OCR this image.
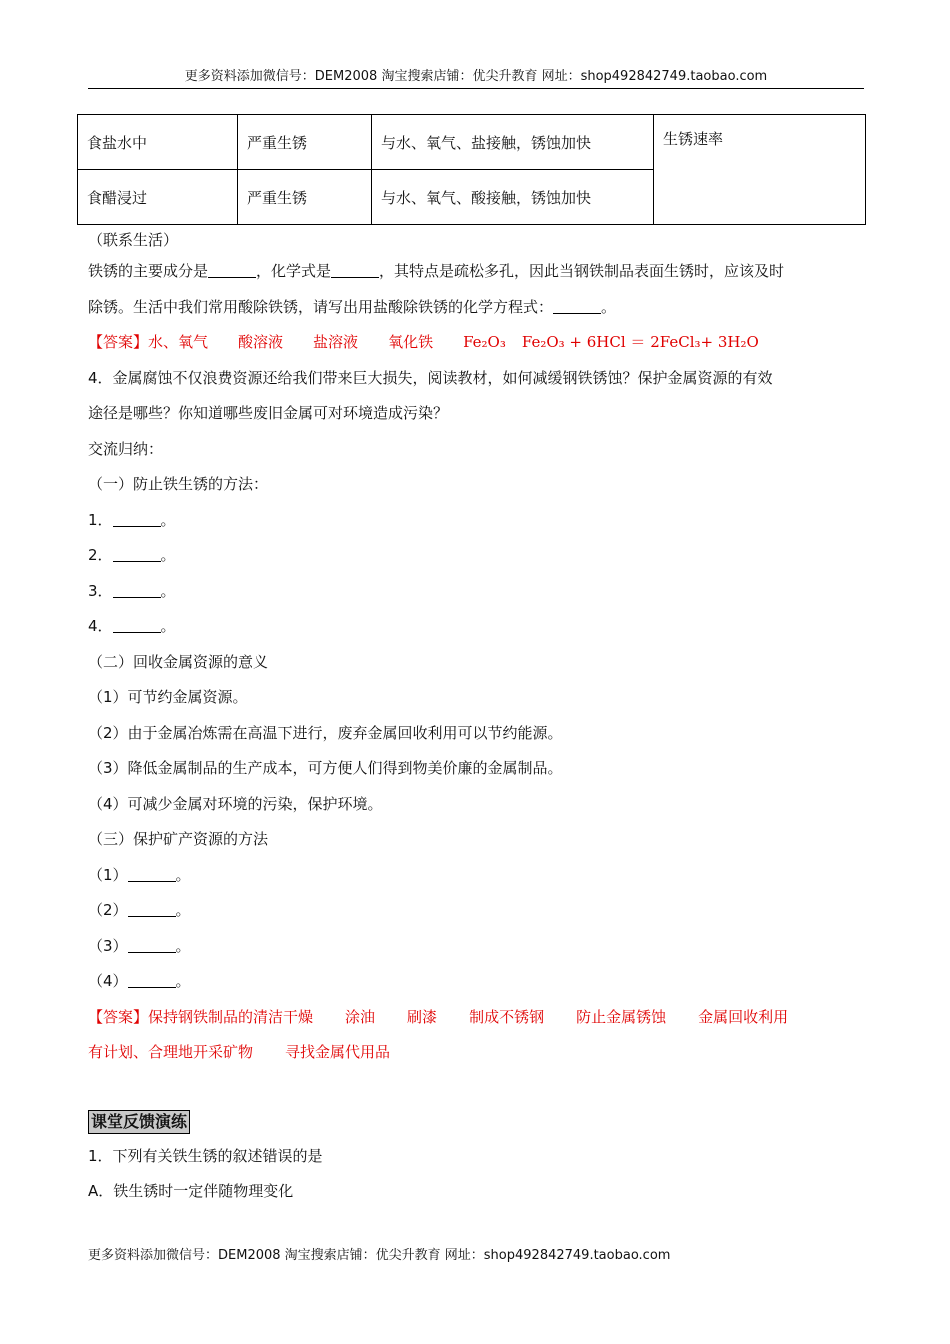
更多资料添加微信号：DEM2008 淘宝搜索店铺：优尖升教育 网址：shop492842749.taobao.com
食盐水中	严重生锈	与水、氧气、盐接触，锈蚀加快	生锈速率
食醋浸过	严重生锈	与水、氧气、酸接触，锈蚀加快	
（联系生活）
铁锈的主要成分是	，化学式是	，其特点是疏松多孔，因此当钢铁制品表面生锈时，应该及时
除锈。生活中我们常用酸除铁锈，请写出用盐酸除铁锈的化学方程式：	。
【答案】水、氧气 酸溶液 盐溶液 氧化铁 Fe₂O₃ Fe₂O₃ + 6HCl ＝ 2FeCl₃+ 3H₂O
4．金属腐蚀不仅浪费资源还给我们带来巨大损失，阅读教材，如何减缓钢铁锈蚀？保护金属资源的有效
途径是哪些？你知道哪些废旧金属可对环境造成污染？
交流归纳：
（一）防止铁生锈的方法：
1．	。
2．	。
3．	。
4．	。
（二）回收金属资源的意义
（1）可节约金属资源。
（2）由于金属冶炼需在高温下进行，废弃金属回收利用可以节约能源。
（3）降低金属制品的生产成本，可方便人们得到物美价廉的金属制品。
（4）可减少金属对环境的污染，保护环境。
（三）保护矿产资源的方法
（1）	。
（2）	。
（3）	。
（4）	。
【答案】保持钢铁制品的清洁干燥 涂油 刷漆 制成不锈钢 防止金属锈蚀 金属回收利用
有计划、合理地开采矿物 寻找金属代用品
课堂反馈演练
1．下列有关铁生锈的叙述错误的是
A．铁生锈时一定伴随物理变化
更多资料添加微信号：DEM2008 淘宝搜索店铺：优尖升教育 网址：shop492842749.taobao.com
